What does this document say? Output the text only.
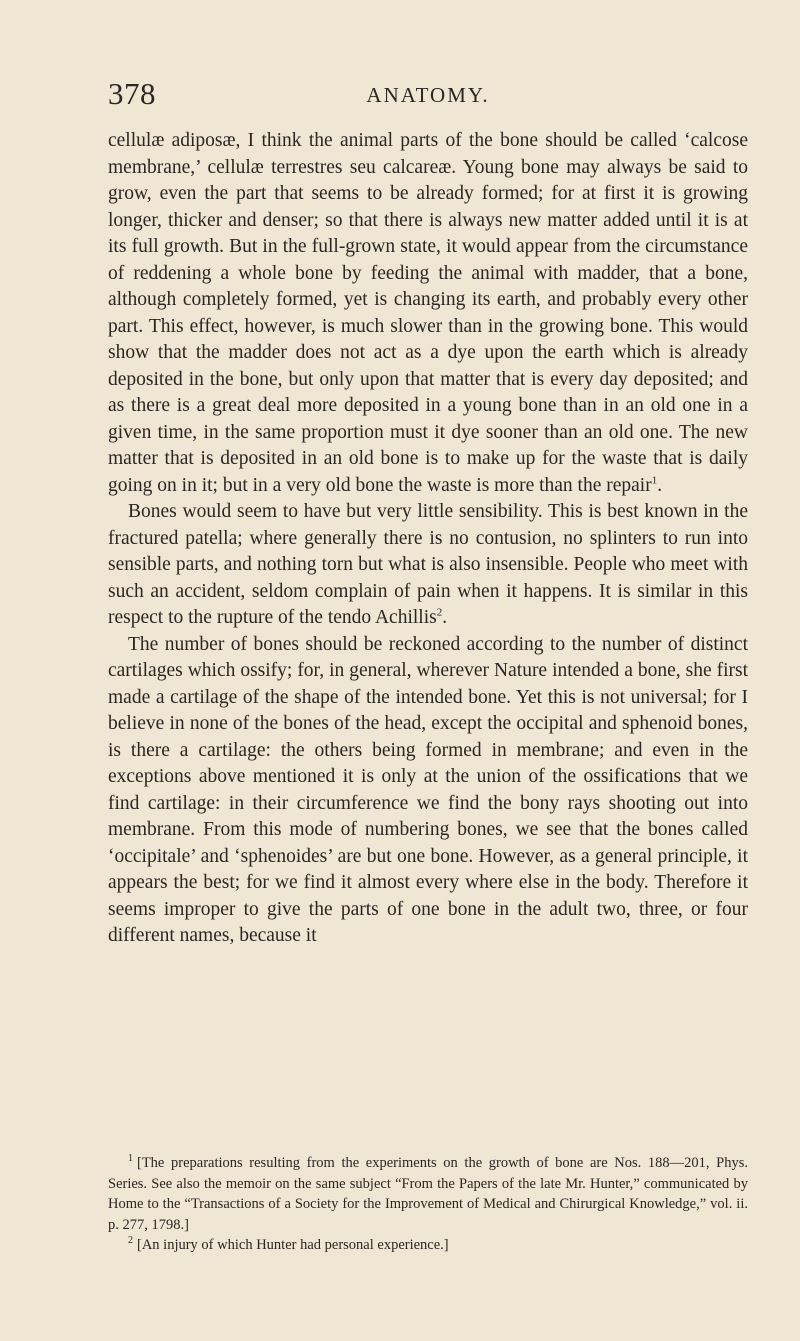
378	ANATOMY.

cellulæ adiposæ, I think the animal parts of the bone should be called ‘calcose membrane,’ cellulæ terrestres seu calcareæ. Young bone may always be said to grow, even the part that seems to be already formed; for at first it is growing longer, thicker and denser; so that there is always new matter added until it is at its full growth. But in the full-grown state, it would appear from the circumstance of reddening a whole bone by feeding the animal with madder, that a bone, although completely formed, yet is changing its earth, and probably every other part. This effect, however, is much slower than in the growing bone. This would show that the madder does not act as a dye upon the earth which is already deposited in the bone, but only upon that matter that is every day deposited; and as there is a great deal more deposited in a young bone than in an old one in a given time, in the same proportion must it dye sooner than an old one. The new matter that is deposited in an old bone is to make up for the waste that is daily going on in it; but in a very old bone the waste is more than the repair$^1$.

Bones would seem to have but very little sensibility. This is best known in the fractured patella; where generally there is no contusion, no splinters to run into sensible parts, and nothing torn but what is also insensible. People who meet with such an accident, seldom complain of pain when it happens. It is similar in this respect to the rupture of the tendo Achillis$^2$.

The number of bones should be reckoned according to the number of distinct cartilages which ossify; for, in general, wherever Nature intended a bone, she first made a cartilage of the shape of the intended bone. Yet this is not universal; for I believe in none of the bones of the head, except the occipital and sphenoid bones, is there a cartilage: the others being formed in membrane; and even in the exceptions above mentioned it is only at the union of the ossifications that we find cartilage: in their circumference we find the bony rays shooting out into membrane. From this mode of numbering bones, we see that the bones called ‘occipitale’ and ‘sphenoides’ are but one bone. However, as a general principle, it appears the best; for we find it almost every where else in the body. Therefore it seems improper to give the parts of one bone in the adult two, three, or four different names, because it

$^1$ [The preparations resulting from the experiments on the growth of bone are Nos. 188—201, Phys. Series. See also the memoir on the same subject “From the Papers of the late Mr. Hunter,” communicated by Home to the “Transactions of a Society for the Improvement of Medical and Chirurgical Knowledge,” vol. ii. p. 277, 1798.]

$^2$ [An injury of which Hunter had personal experience.]
